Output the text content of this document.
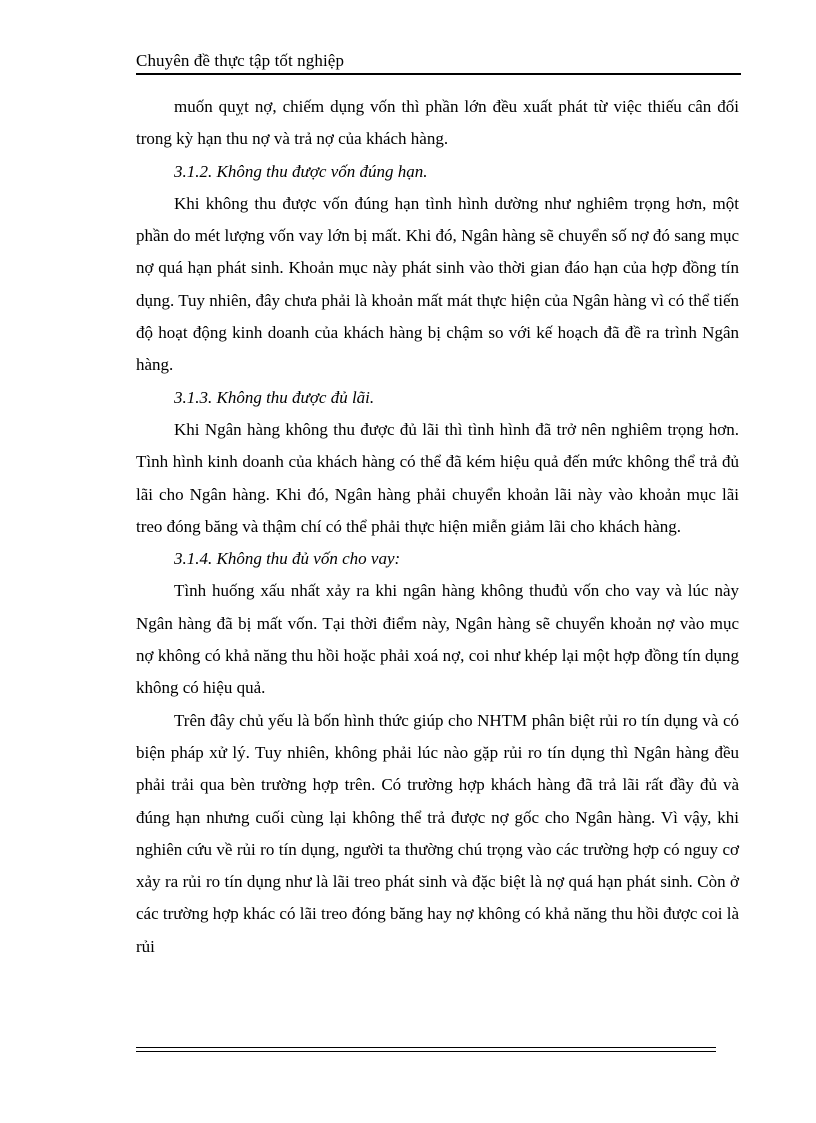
Chuyên đề thực tập tốt nghiệp

muốn quỵt nợ, chiếm dụng vốn thì phần lớn đều xuất phát từ việc thiếu cân đối trong kỳ hạn thu nợ và trả nợ của khách hàng.

3.1.2. Không thu được vốn đúng hạn.

Khi không thu được vốn đúng hạn tình hình dường như nghiêm trọng hơn, một phần do mét lượng vốn vay lớn bị mất. Khi đó, Ngân hàng sẽ chuyển số nợ đó sang mục nợ quá hạn phát sinh. Khoản mục này phát sinh vào thời gian đáo hạn của hợp đồng tín dụng. Tuy nhiên, đây chưa phải là khoản mất mát thực hiện của Ngân hàng vì có thể tiến độ hoạt động kinh doanh của khách hàng bị chậm so với kế hoạch đã đề ra trình Ngân hàng.

3.1.3. Không thu được đủ lãi.

Khi Ngân hàng không thu được đủ lãi thì tình hình đã trở nên nghiêm trọng hơn. Tình hình kinh doanh của khách hàng có thể đã kém hiệu quả đến mức không thể trả đủ lãi cho Ngân hàng. Khi đó, Ngân hàng phải chuyển khoản lãi này vào khoản mục lãi treo đóng băng và thậm chí có thể phải thực hiện miễn giảm lãi cho khách hàng.

3.1.4. Không thu đủ vốn cho vay:

Tình huống xấu nhất xảy ra khi ngân hàng không thuđủ vốn cho vay và lúc này Ngân hàng đã bị mất vốn. Tại thời điểm này, Ngân hàng sẽ chuyển khoản nợ vào mục nợ không có khả năng thu hồi hoặc phải xoá nợ, coi như khép lại một hợp đồng tín dụng không có hiệu quả.

Trên đây chủ yếu là bốn hình thức giúp cho NHTM phân biệt rủi ro tín dụng và có biện pháp xử lý. Tuy nhiên, không phải lúc nào gặp rủi ro tín dụng thì Ngân hàng đều phải trải qua bèn trường hợp trên. Có trường hợp khách hàng đã trả lãi rất đầy đủ và đúng hạn nhưng cuối cùng lại không thể trả được nợ gốc cho Ngân hàng. Vì vậy, khi nghiên cứu về rủi ro tín dụng, người ta thường chú trọng vào các trường hợp có nguy cơ xảy ra rủi ro tín dụng như là lãi treo phát sinh và đặc biệt là nợ quá hạn phát sinh. Còn ở các trường hợp khác có lãi treo đóng băng hay nợ không có khả năng thu hồi được coi là rủi
